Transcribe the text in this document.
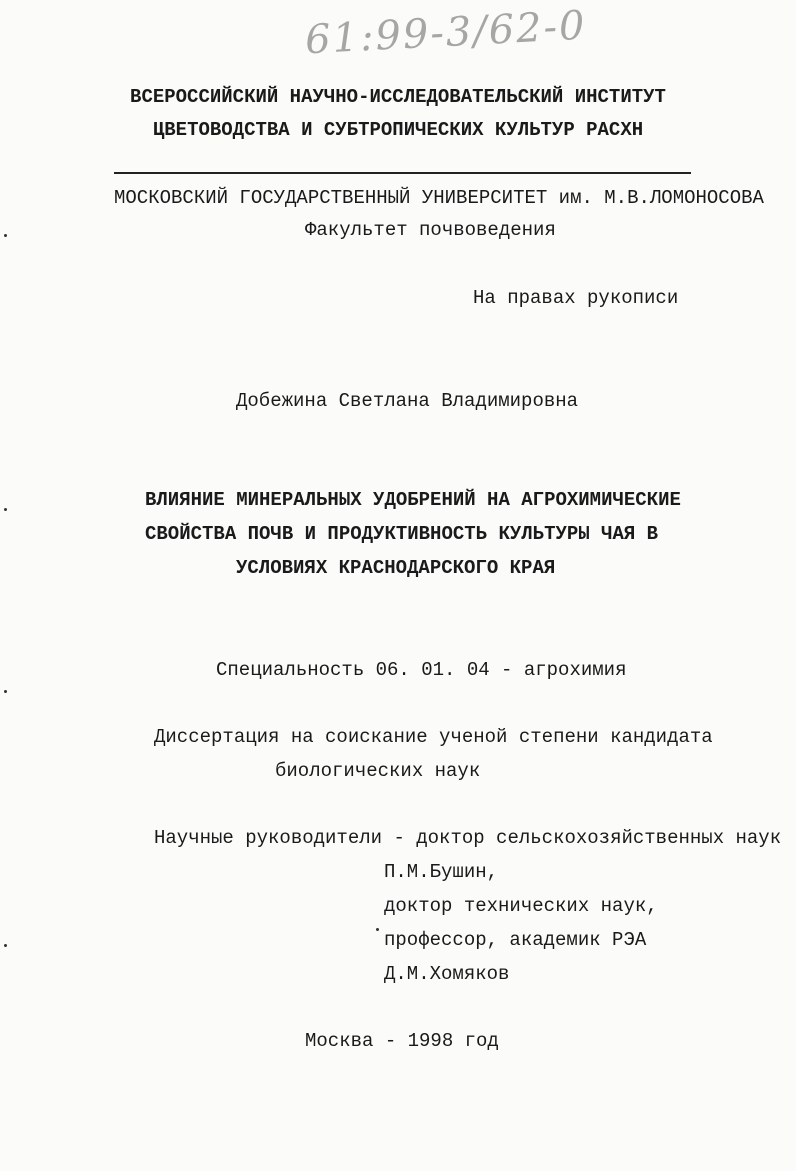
61:99-3/62-0
ВСЕРОССИЙСКИЙ НАУЧНО-ИССЛЕДОВАТЕЛЬСКИЙ ИНСТИТУТ
ЦВЕТОВОДСТВА И СУБТРОПИЧЕСКИХ КУЛЬТУР РАСХН
МОСКОВСКИЙ ГОСУДАРСТВЕННЫЙ УНИВЕРСИТЕТ им. М.В.ЛОМОНОСОВА
Факультет почвоведения
На правах рукописи
Добежина Светлана Владимировна
ВЛИЯНИЕ МИНЕРАЛЬНЫХ УДОБРЕНИЙ НА АГРОХИМИЧЕСКИЕ
СВОЙСТВА ПОЧВ И ПРОДУКТИВНОСТЬ КУЛЬТУРЫ ЧАЯ В
УСЛОВИЯХ КРАСНОДАРСКОГО КРАЯ
Специальность 06. 01. 04 - агрохимия
Диссертация на соискание ученой степени кандидата
биологических наук
Научные руководители - доктор сельскохозяйственных наук
П.М.Бушин,
доктор технических наук,
профессор, академик РЭА
Д.М.Хомяков
Москва - 1998 год
